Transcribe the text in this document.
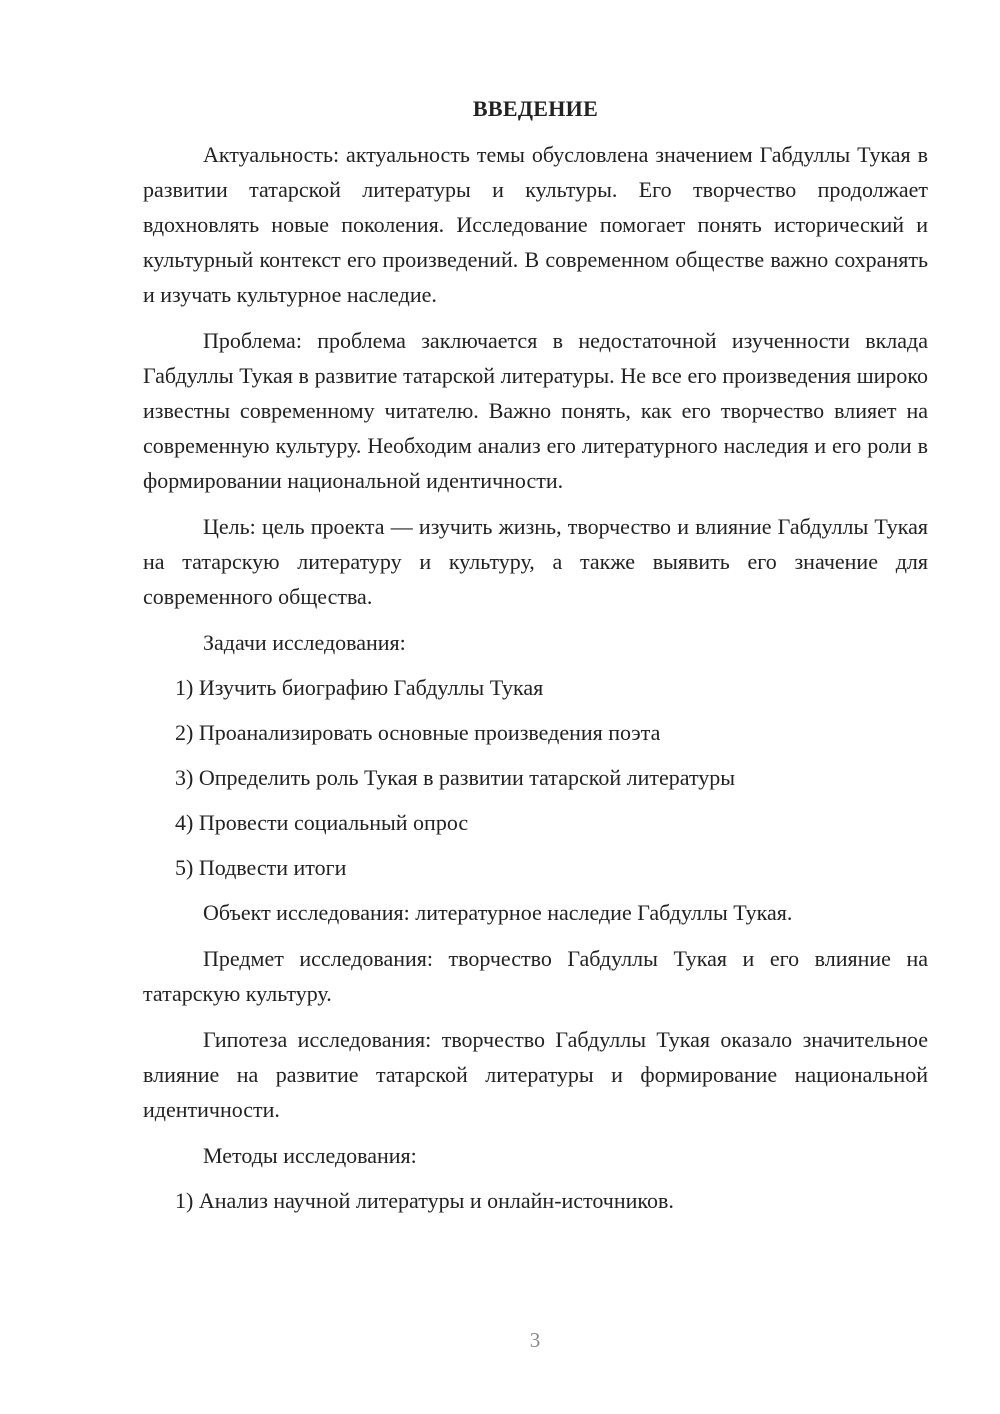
ВВЕДЕНИЕ
Актуальность: актуальность темы обусловлена значением Габдуллы Тукая в развитии татарской литературы и культуры. Его творчество продолжает вдохновлять новые поколения. Исследование помогает понять исторический и культурный контекст его произведений. В современном обществе важно сохранять и изучать культурное наследие.
Проблема: проблема заключается в недостаточной изученности вклада Габдуллы Тукая в развитие татарской литературы. Не все его произведения широко известны современному читателю. Важно понять, как его творчество влияет на современную культуру. Необходим анализ его литературного наследия и его роли в формировании национальной идентичности.
Цель: цель проекта — изучить жизнь, творчество и влияние Габдуллы Тукая на татарскую литературу и культуру, а также выявить его значение для современного общества.
Задачи исследования:
1) Изучить биографию Габдуллы Тукая
2) Проанализировать основные произведения поэта
3) Определить роль Тукая в развитии татарской литературы
4) Провести социальный опрос
5) Подвести итоги
Объект исследования: литературное наследие Габдуллы Тукая.
Предмет исследования: творчество Габдуллы Тукая и его влияние на татарскую культуру.
Гипотеза исследования: творчество Габдуллы Тукая оказало значительное влияние на развитие татарской литературы и формирование национальной идентичности.
Методы исследования:
1) Анализ научной литературы и онлайн-источников.
3
